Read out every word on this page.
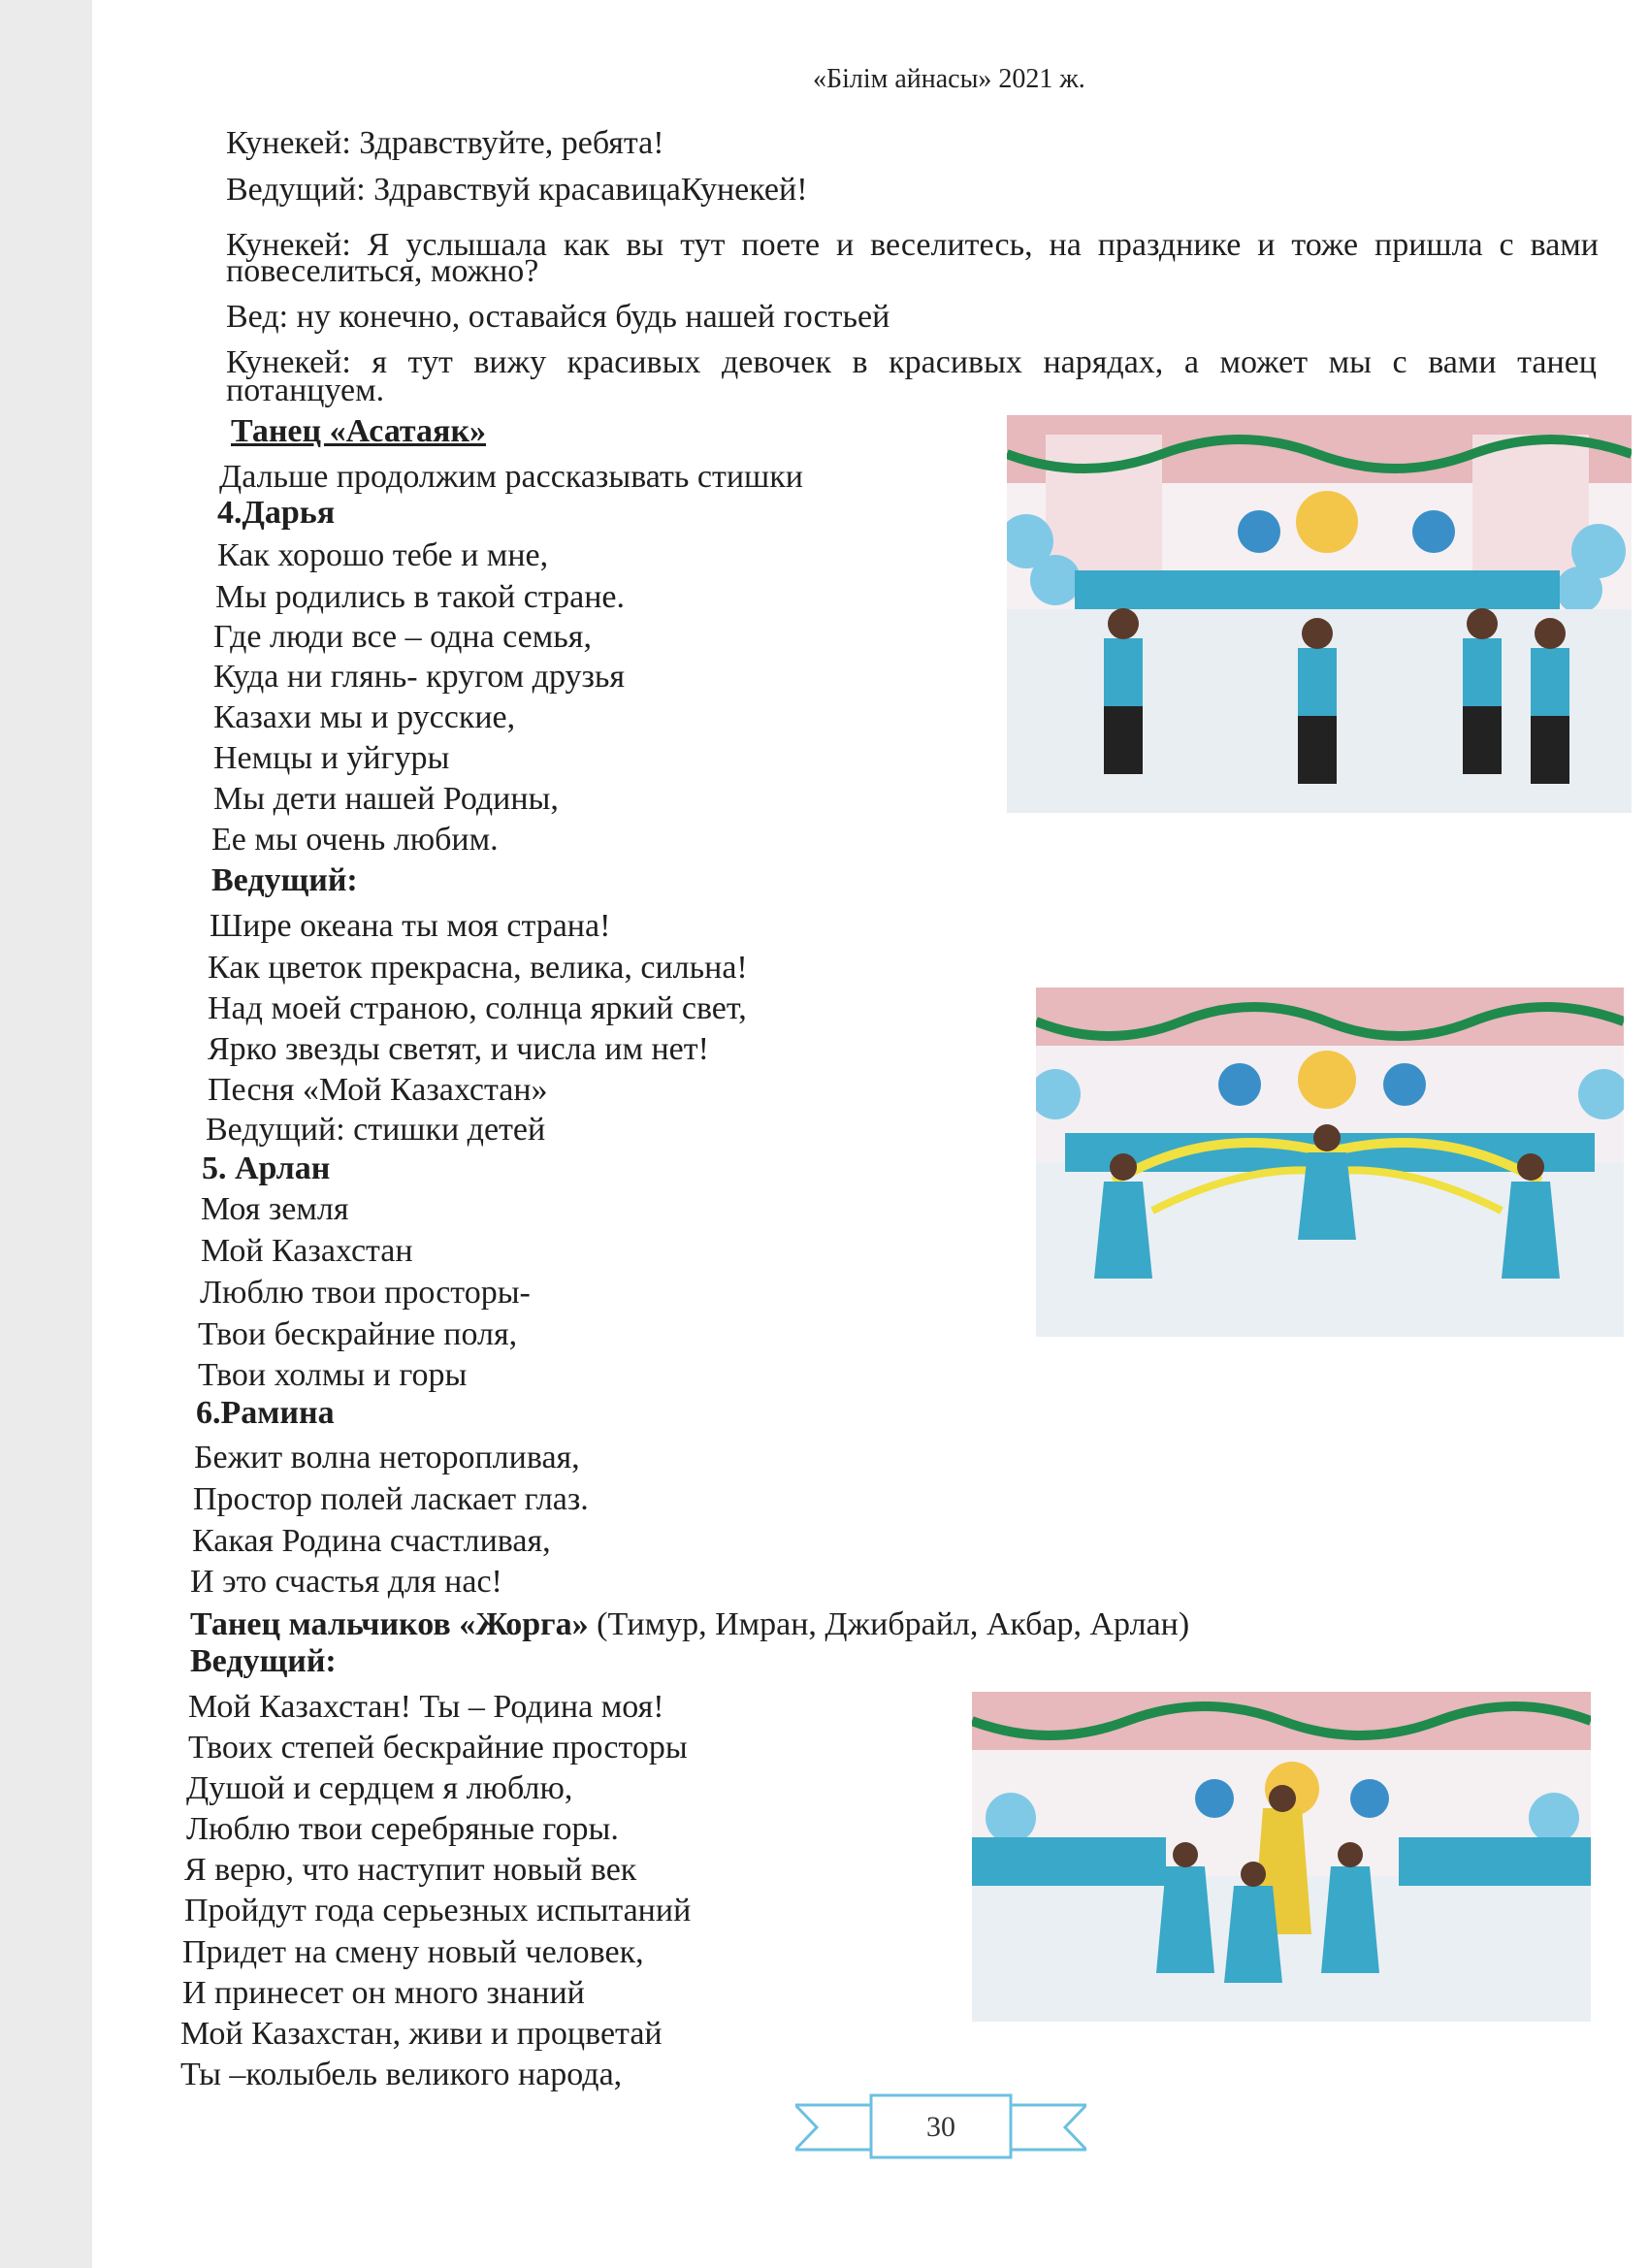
«Білім айнасы» 2021 ж.
Кунекей: Здравствуйте, ребята!
Ведущий: Здравствуй красавицаКунекей!
Кунекей: Я услышала как вы тут поете и веселитесь, на празднике и тоже пришла с вами
повеселиться, можно?
Вед: ну конечно, оставайся будь нашей гостьей
Кунекей: я тут вижу красивых девочек в красивых нарядах, а может мы с вами танец
потанцуем.
Танец «Асатаяк»
Дальше продолжим рассказывать стишки
4.Дарья
Как хорошо тебе и мне,
Мы родились в такой стране.
Где люди все – одна семья,
Куда ни глянь- кругом друзья
Казахи мы и русские,
Немцы и уйгуры
Мы дети нашей Родины,
Ее мы очень любим.
Ведущий:
Шире океана ты моя страна!
Как цветок прекрасна, велика, сильна!
Над моей страною, солнца яркий свет,
Ярко звезды светят, и числа им нет!
Песня «Мой Казахстан»
Ведущий: стишки детей
5. Арлан
Моя земля
Мой Казахстан
Люблю твои просторы-
Твои бескрайние поля,
Твои холмы и горы
6.Рамина
Бежит волна неторопливая,
Простор полей ласкает глаз.
Какая Родина счастливая,
И это счастья для нас!
Танец мальчиков «Жорга» (Тимур, Имран, Джибрайл, Акбар, Арлан)
Ведущий:
Мой Казахстан! Ты – Родина моя!
Твоих степей бескрайние просторы
Душой и сердцем я люблю,
Люблю твои серебряные горы.
Я верю, что наступит новый век
Пройдут года серьезных испытаний
Придет на смену новый человек,
И принесет он много знаний
Мой Казахстан, живи и процветай
Ты –колыбель великого народа,
30
